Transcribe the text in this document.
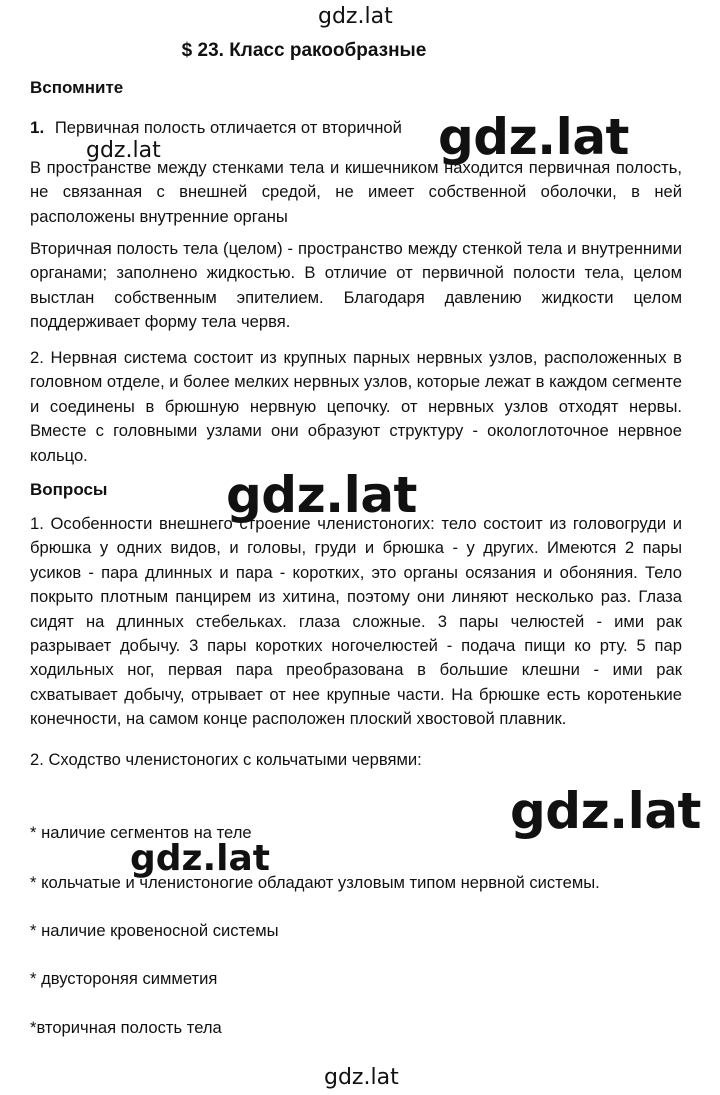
gdz.lat
$ 23. Класс ракообразные
Вспомните
1. Первичная полость отличается от вторичной
gdz.lat

В пространстве между стенками тела и кишечником находится первичная полость, не связанная с внешней средой, не имеет собственной оболочки, в ней расположены внутренние органы

Вторичная полость тела (целом) - пространство между стенкой тела и внутренними органами; заполнено жидкостью. В отличие от первичной полости тела, целом выстлан собственным эпителием. Благодаря давлению жидкости целом поддерживает форму тела червя.

2. Нервная система состоит из крупных парных нервных узлов, расположенных в головном отделе, и более мелких нервных узлов, которые лежат в каждом сегменте и соединены в брюшную нервную цепочку. от нервных узлов отходят нервы. Вместе с головными узлами они образуют структуру - окологлоточное нервное кольцо.

gdz.lat
Вопросы gdz.lat

1. Особенности внешнего строение членистоногих: тело состоит из головогруди и брюшка у одних видов, и головы, груди и брюшка - у других. Имеются 2 пары усиков - пара длинных и пара - коротких, это органы осязания и обоняния. Тело покрыто плотным панцирем из хитина, поэтому они линяют несколько раз. Глаза сидят на длинных стебельках. глаза сложные. 3 пары челюстей - ими рак разрывает добычу. 3 пары коротких ногочелюстей - подача пищи ко рту. 5 пар ходильных ног, первая пара преобразована в большие клешни - ими рак схватывает добычу, отрывает от нее крупные части. На брюшке есть коротенькие конечности, на самом конце расположен плоский хвостовой плавник.

2. Сходство членистоногих с кольчатыми червями:
gdz.lat
* наличие сегментов на теле
gdz.lat
* кольчатые и членистоногие обладают узловым типом нервной системы.
* наличие кровеносной системы
* двустороняя симметия
*вторичная полость тела
gdz.lat
